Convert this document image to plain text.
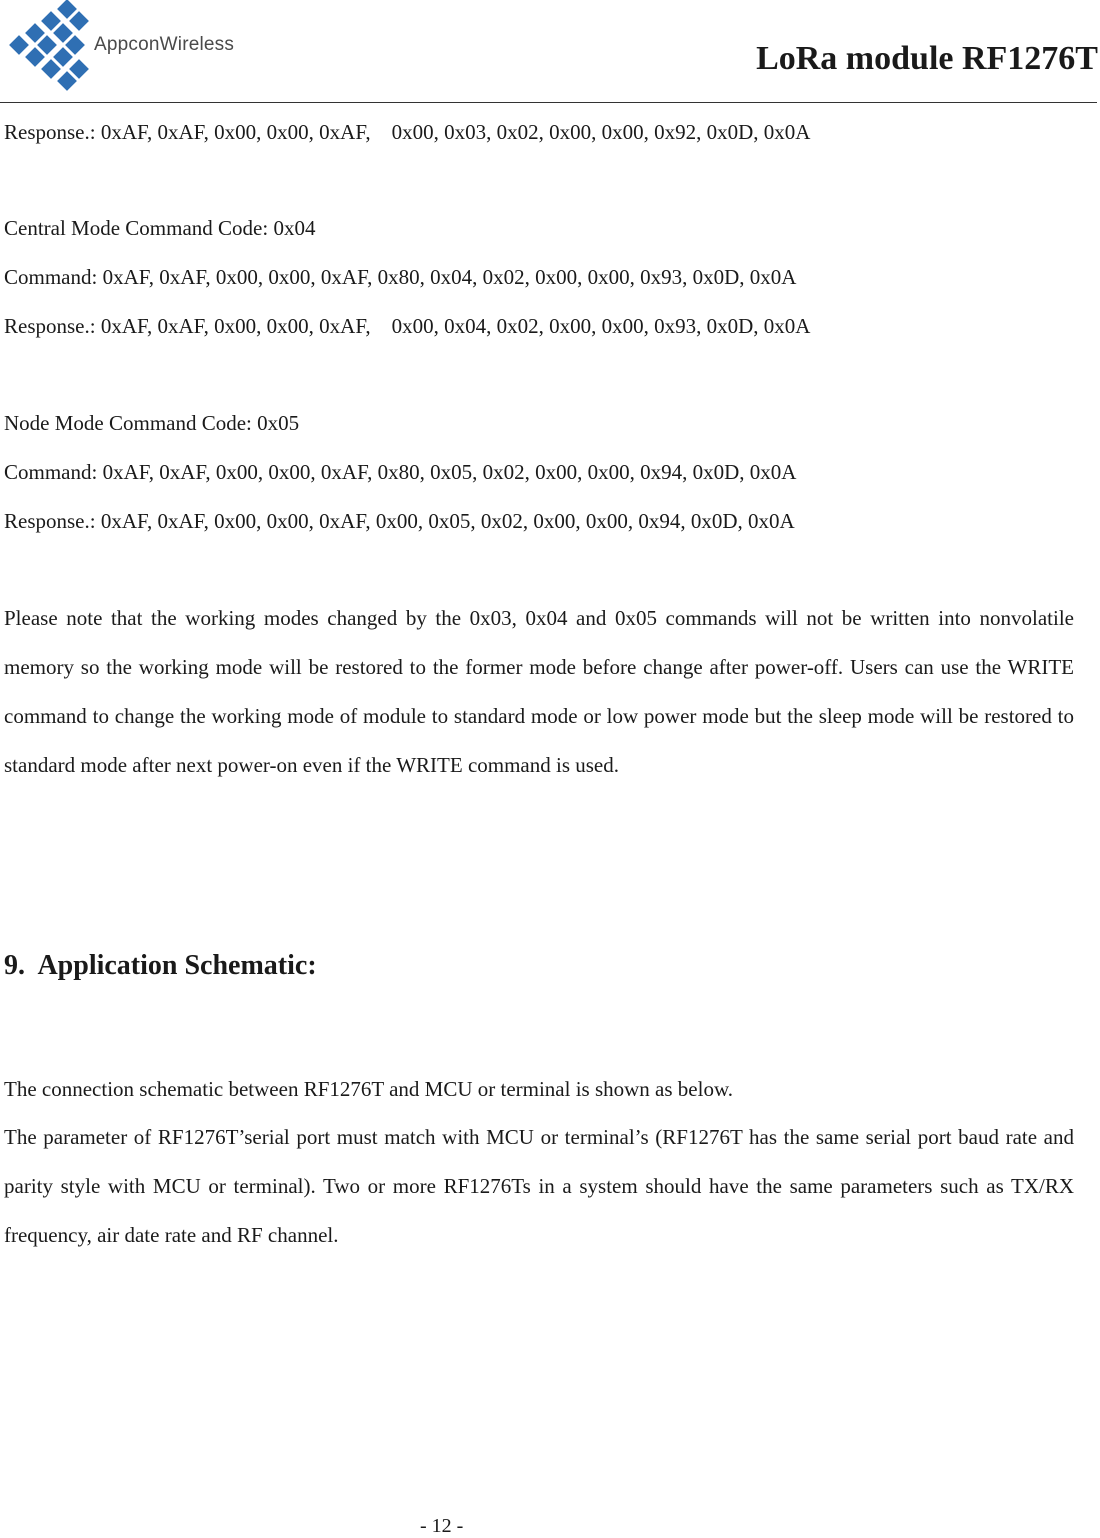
AppconWireless	LoRa module RF1276T
Response.: 0xAF, 0xAF, 0x00, 0x00, 0xAF,    0x00, 0x03, 0x02, 0x00, 0x00, 0x92, 0x0D, 0x0A
Central Mode Command Code: 0x04
Command: 0xAF, 0xAF, 0x00, 0x00, 0xAF, 0x80, 0x04, 0x02, 0x00, 0x00, 0x93, 0x0D, 0x0A
Response.: 0xAF, 0xAF, 0x00, 0x00, 0xAF,    0x00, 0x04, 0x02, 0x00, 0x00, 0x93, 0x0D, 0x0A
Node Mode Command Code: 0x05
Command: 0xAF, 0xAF, 0x00, 0x00, 0xAF, 0x80, 0x05, 0x02, 0x00, 0x00, 0x94, 0x0D, 0x0A
Response.: 0xAF, 0xAF, 0x00, 0x00, 0xAF, 0x00, 0x05, 0x02, 0x00, 0x00, 0x94, 0x0D, 0x0A
Please note that the working modes changed by the 0x03, 0x04 and 0x05 commands will not be written into nonvolatile memory so the working mode will be restored to the former mode before change after power-off. Users can use the WRITE command to change the working mode of module to standard mode or low power mode but the sleep mode will be restored to standard mode after next power-on even if the WRITE command is used.
9.  Application Schematic:
The connection schematic between RF1276T and MCU or terminal is shown as below.
The parameter of RF1276T’serial port must match with MCU or terminal’s (RF1276T has the same serial port baud rate and parity style with MCU or terminal). Two or more RF1276Ts in a system should have the same parameters such as TX/RX frequency, air date rate and RF channel.
- 12 -
